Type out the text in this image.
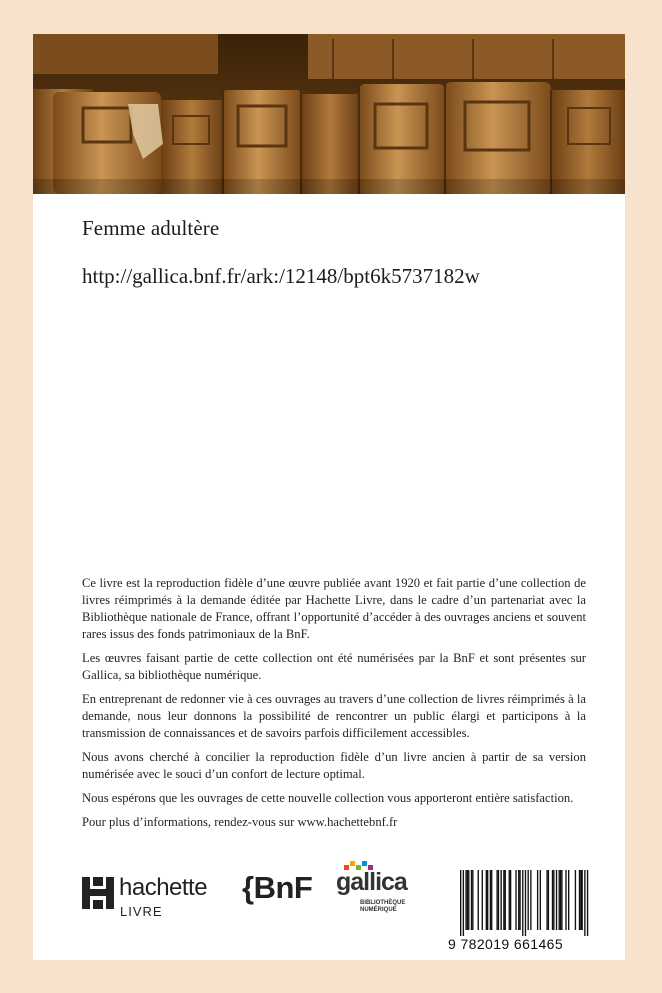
Femme adultère
http://gallica.bnf.fr/ark:/12148/bpt6k5737182w

Ce livre est la reproduction fidèle d’une œuvre publiée avant 1920 et fait partie d’une collection de livres réimprimés à la demande éditée par Hachette Livre, dans le cadre d’un partenariat avec la Bibliothèque nationale de France, offrant l’opportunité d’accéder à des ouvrages anciens et souvent rares issus des fonds patrimoniaux de la BnF.

Les œuvres faisant partie de cette collection ont été numérisées par la BnF et sont présentes sur Gallica, sa bibliothèque numérique.

En entreprenant de redonner vie à ces ouvrages au travers d’une collection de livres réimprimés à la demande, nous leur donnons la possibilité de rencontrer un public élargi et participons à la transmission de connaissances et de savoirs parfois difficilement accessibles.

Nous avons cherché à concilier la reproduction fidèle d’un livre ancien à partir de sa version numérisée avec le souci d’un confort de lecture optimal.

Nous espérons que les ouvrages de cette nouvelle collection vous apporteront entière satisfaction.

Pour plus d’informations, rendez-vous sur www.hachettebnf.fr

hachette
LIVRE
{BnF gallica
BIBLIOTHÈQUE NUMÉRIQUE
9 782019 661465
